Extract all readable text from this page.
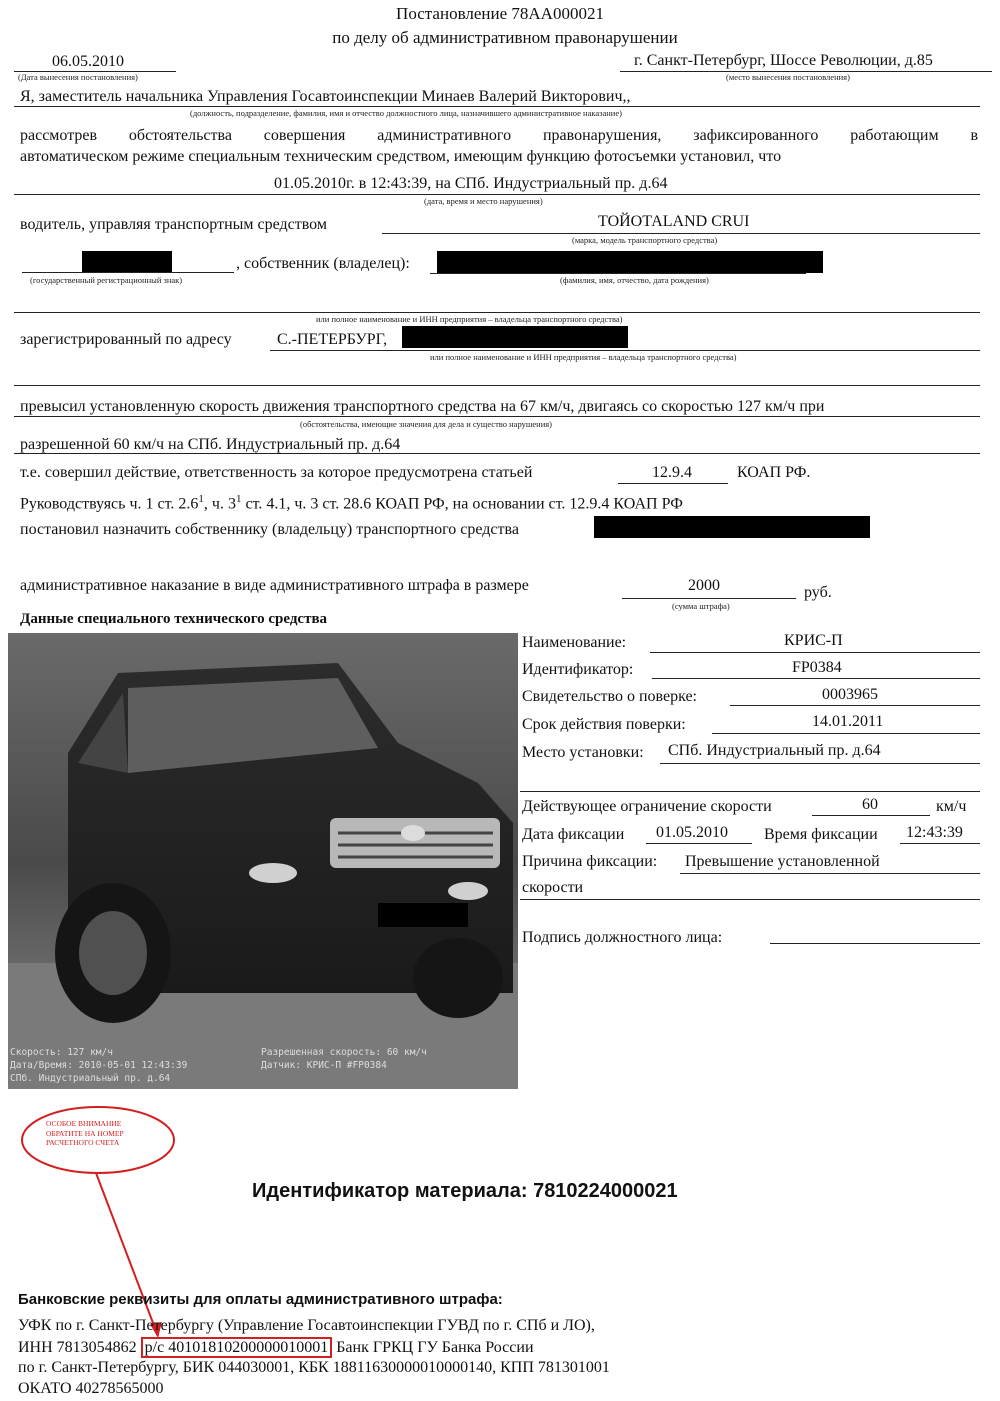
Постановление 78АА000021
по делу об административном правонарушении
06.05.2010
(Дата вынесения постановления)
г. Санкт-Петербург, Шоссе Революции, д.85
(место вынесения постановления)
Я, заместитель начальника Управления Госавтоинспекции Минаев Валерий Викторович,,
(должность, подразделение, фамилия, имя и отчество должностного лица, назначившего административное наказание)
рассмотрев обстоятельства совершения административного правонарушения, зафиксированного работающим в
автоматическом режиме специальным техническим средством, имеющим функцию фотосъемки установил, что
01.05.2010г. в 12:43:39, на СПб. Индустриальный пр. д.64
(дата, время и место нарушения)
водитель, управляя транспортным средством	ТОЙОТАLAND CRUI
(марка, модель транспортного средства)
, собственник (владелец):
(государственный регистрационный знак)	(фамилия, имя, отчество, дата рождения)
или полное наименование и ИНН предприятия – владельца транспортного средства)
зарегистрированный по адресу	С.-ПЕТЕРБУРГ,
или полное наименование и ИНН предприятия – владельца транспортного средства)
превысил установленную скорость движения транспортного средства на 67 км/ч, двигаясь со скоростью 127 км/ч при
(обстоятельства, имеющие значения для дела и существо нарушения)
разрешенной 60 км/ч на СПб. Индустриальный пр. д.64
т.е. совершил действие, ответственность за которое предусмотрена статьей	12.9.4	КОАП РФ.
Руководствуясь ч. 1 ст. $2.6^1$, ч. $3^1$ ст. 4.1, ч. 3 ст. 28.6 КОАП РФ, на основании ст. 12.9.4 КОАП РФ
постановил назначить собственнику (владельцу) транспортного средства
административное наказание в виде административного штрафа в размере	2000	руб.
(сумма штрафа)
Данные специального технического средства
Скорость: 127 км/ч
Дата/Время: 2010-05-01 12:43:39
СПб. Индустриальный пр. д.64
Разрешенная скорость: 60 км/ч
Датчик: КРИС-П #FP0384
Наименование:	КРИС-П
Идентификатор:	FP0384
Свидетельство о поверке:	0003965
Срок действия поверки:	14.01.2011
Место установки: СПб. Индустриальный пр. д.64
Действующее ограничение скорости	60	км/ч
Дата фиксации 01.05.2010 Время фиксации 12:43:39
Причина фиксации: Превышение установленной
скорости
Подпись должностного лица:
ОСОБОЕ ВНИМАНИЕ
ОБРАТИТЕ НА НОМЕР
РАСЧЕТНОГО СЧЕТА
Идентификатор материала: 7810224000021
Банковские реквизиты для оплаты административного штрафа:
УФК по г. Санкт-Петербургу (Управление Госавтоинспекции ГУВД по г. СПб и ЛО),
ИНН 7813054862 р/с 40101810200000010001 Банк ГРКЦ ГУ Банка России
по г. Санкт-Петербургу, БИК 044030001, КБК 18811630000010000140, КПП 781301001
ОКАТО 40278565000
